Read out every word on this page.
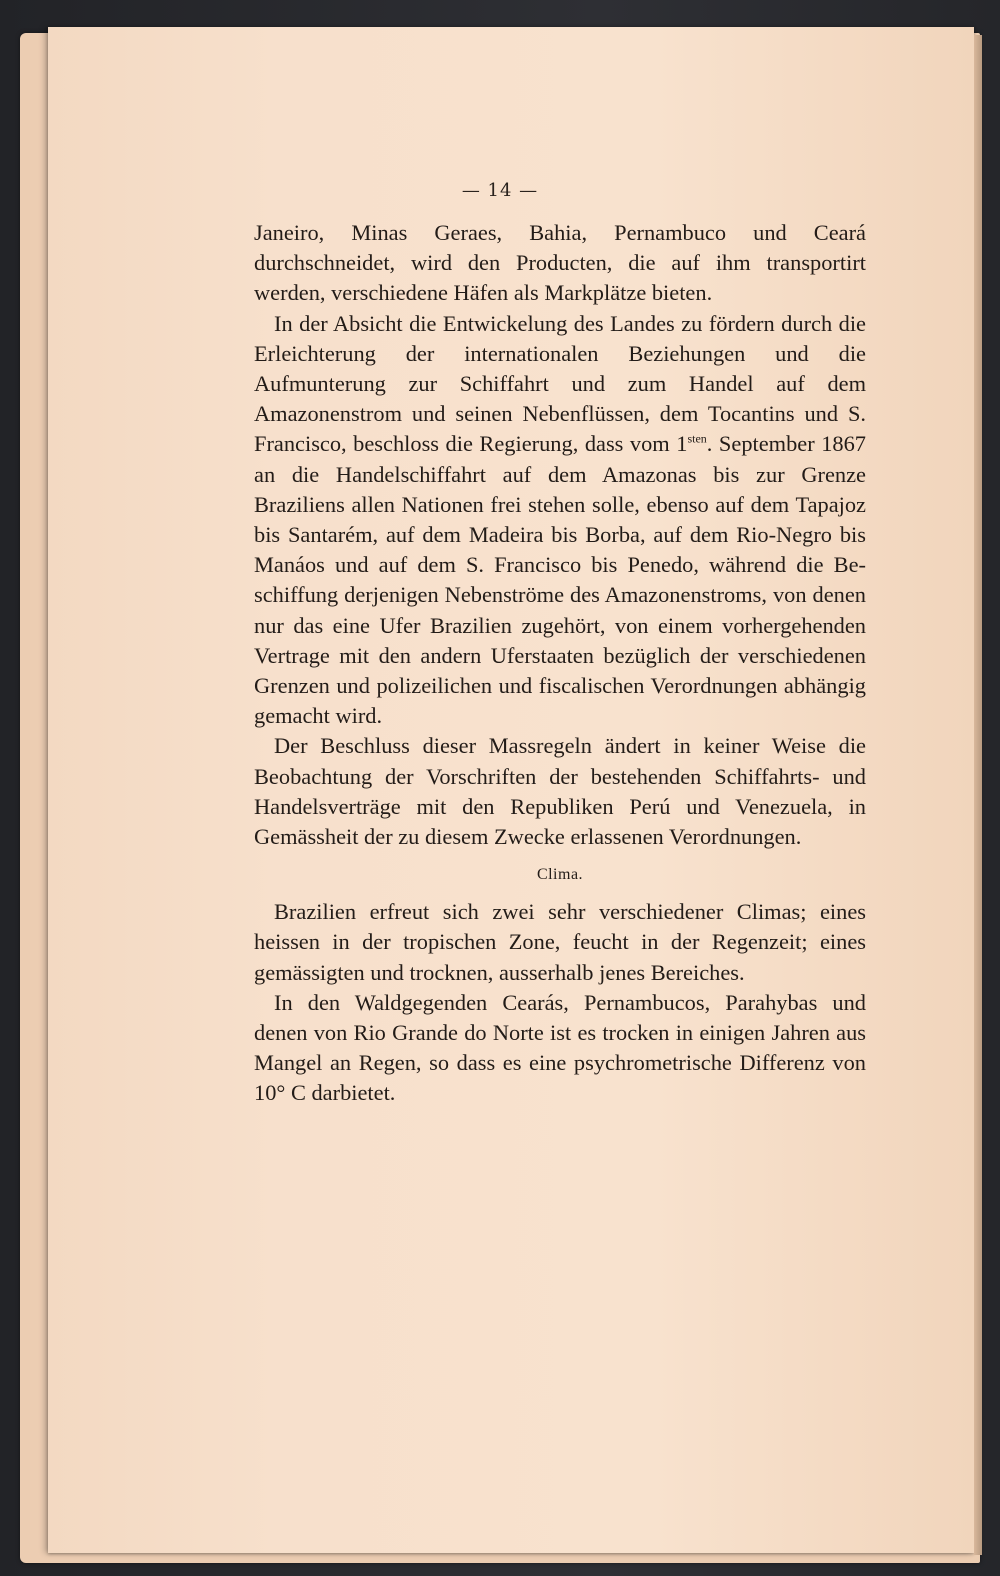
— 14 —

Janeiro, Minas Geraes, Bahia, Pernambuco und Ceará durchschneidet, wird den Producten, die auf ihm transportirt werden, verschiedene Häfen als Markplätze bieten.

In der Absicht die Entwickelung des Landes zu fördern durch die Erleichterung der internationalen Beziehungen und die Aufmunterung zur Schiffahrt und zum Handel auf dem Amazonenstrom und seinen Nebenflüssen, dem Tocantins und S. Francisco, beschloss die Regierung, dass vom $1^{sten}$. September 1867 an die Handelschiffahrt auf dem Amazonas bis zur Grenze Braziliens allen Nationen frei stehen solle, ebenso auf dem Tapajoz bis Santarém, auf dem Madeira bis Borba, auf dem Rio-Negro bis Manáos und auf dem S. Francisco bis Penedo, während die Beschiffung derjenigen Nebenströme des Amazonenstroms, von denen nur das eine Ufer Brazilien zugehört, von einem vorhergehenden Vertrage mit den andern Uferstaaten bezüglich der verschiedenen Grenzen und polizeilichen und fiscalischen Verordnungen abhängig gemacht wird.

Der Beschluss dieser Massregeln ändert in keiner Weise die Beobachtung der Vorschriften der bestehenden Schiffahrts- und Handelsverträge mit den Republiken Perú und Venezuela, in Gemässheit der zu diesem Zwecke erlassenen Verordnungen.

Clima.

Brazilien erfreut sich zwei sehr verschiedener Climas; eines heissen in der tropischen Zone, feucht in der Regenzeit; eines gemässigten und trocknen, ausserhalb jenes Bereiches.

In den Waldgegenden Cearás, Pernambucos, Parahybas und denen von Rio Grande do Norte ist es trocken in einigen Jahren aus Mangel an Regen, so dass es eine psychrometrische Differenz von 10° C darbietet.
